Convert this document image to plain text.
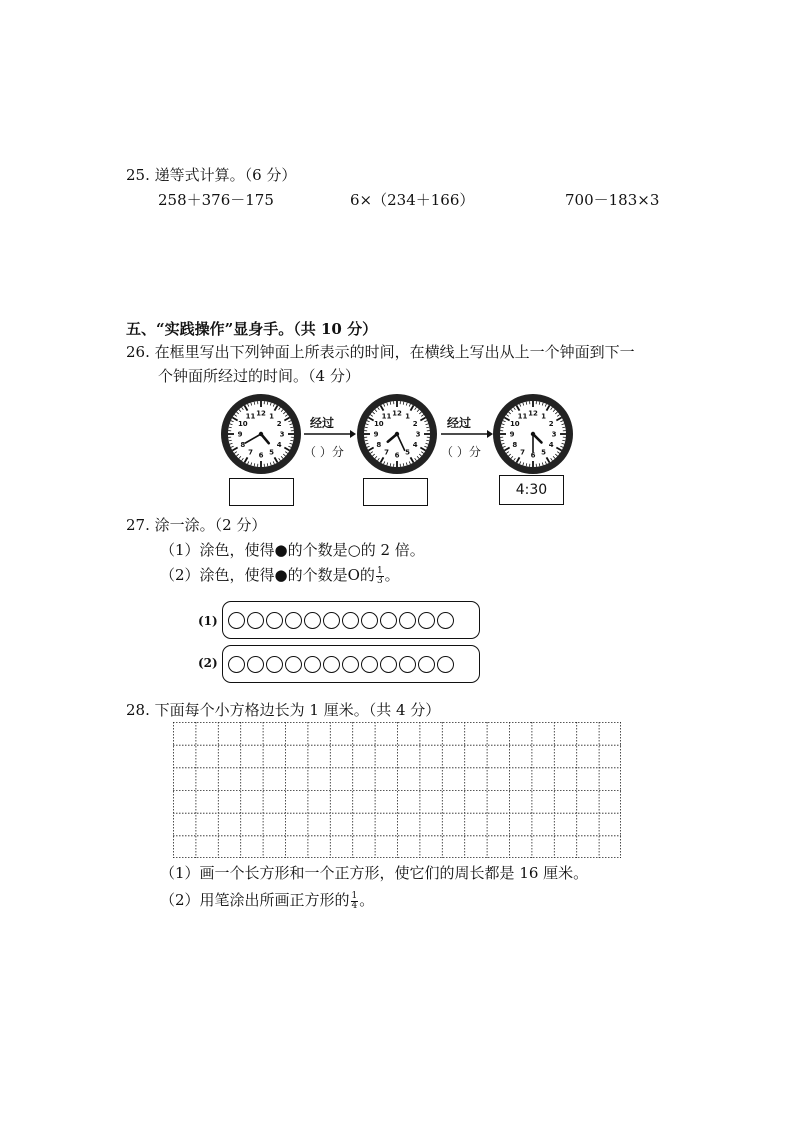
25. 递等式计算。（6 分）
258＋376－175	6×（234＋166）	700－183×3
五、“实践操作”显身手。（共 10 分）
26. 在框里写出下列钟面上所表示的时间，在横线上写出从上一个钟面到下一
个钟面所经过的时间。（4 分）
12 1
2
3
4
5
6
7
8
9
10
11	12 1
2
3
4
5
6
7
8
9
10
11	12 1
2
3
4
5
6
7
8
9
10
11
经过
（ ）分
经过
（ ）分
4:30
27. 涂一涂。（2 分）
（1）涂色，使得●的个数是○的 2 倍。
（2）涂色，使得●的个数是O的 $\frac{1}{3}$ 。
(1)
(2)
28. 下面每个小方格边长为 1 厘米。（共 4 分）
（1）画一个长方形和一个正方形，使它们的周长都是 16 厘米。
（2）用笔涂出所画正方形的 $\frac{1}{4}$ 。
